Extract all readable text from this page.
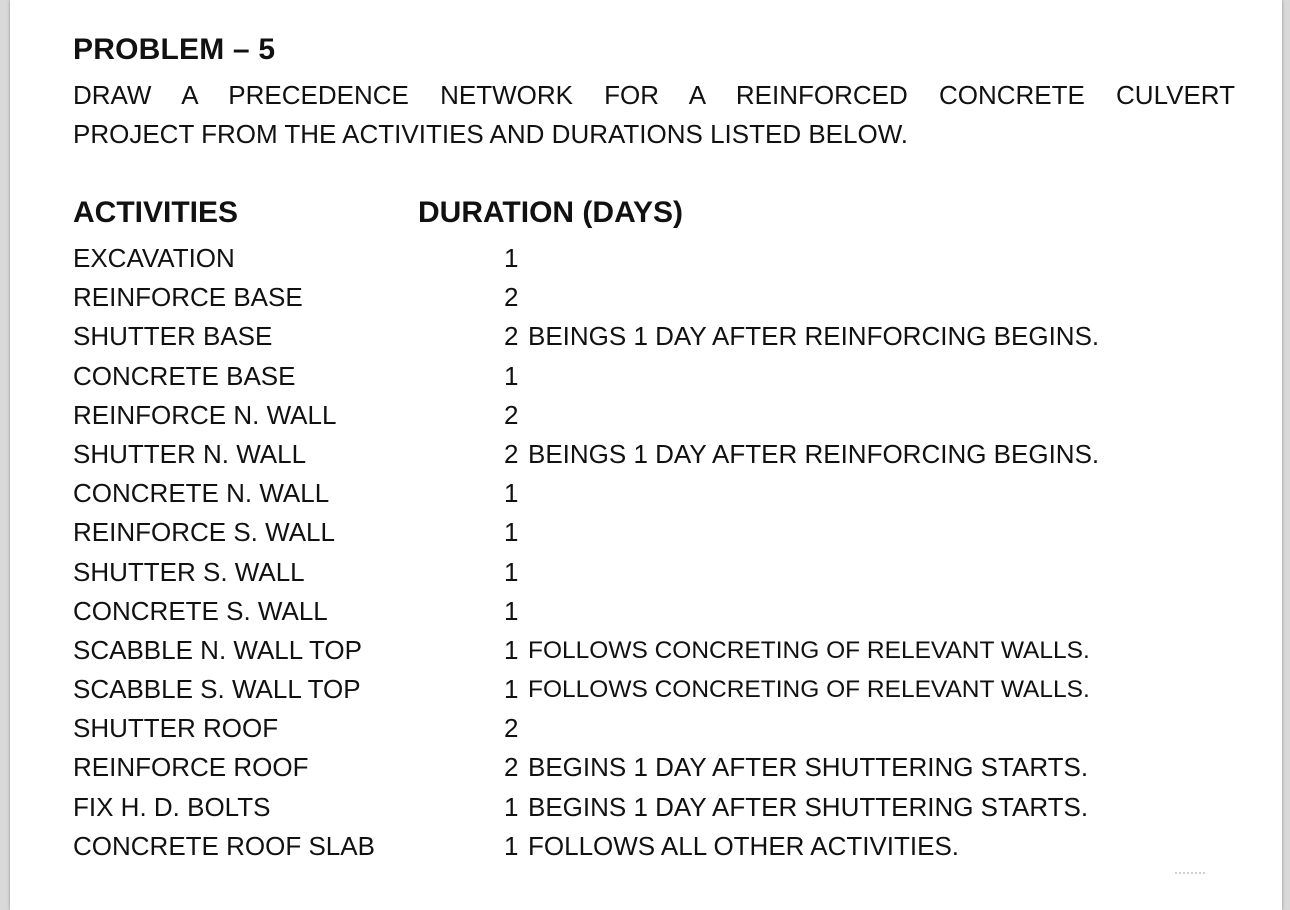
PROBLEM – 5
DRAW A PRECEDENCE NETWORK FOR A REINFORCED CONCRETE CULVERT
PROJECT FROM THE ACTIVITIES AND DURATIONS LISTED BELOW.
ACTIVITIES	DURATION (DAYS)
EXCAVATION	1
REINFORCE BASE	2
SHUTTER BASE	2 BEINGS 1 DAY AFTER REINFORCING BEGINS.
CONCRETE BASE	1
REINFORCE N. WALL	2
SHUTTER N. WALL	2 BEINGS 1 DAY AFTER REINFORCING BEGINS.
CONCRETE N. WALL	1
REINFORCE S. WALL	1
SHUTTER S. WALL	1
CONCRETE S. WALL	1
SCABBLE N. WALL TOP	1 FOLLOWS CONCRETING OF RELEVANT WALLS.
SCABBLE S. WALL TOP	1 FOLLOWS CONCRETING OF RELEVANT WALLS.
SHUTTER ROOF	2
REINFORCE ROOF	2 BEGINS 1 DAY AFTER SHUTTERING STARTS.
FIX H. D. BOLTS	1 BEGINS 1 DAY AFTER SHUTTERING STARTS.
CONCRETE ROOF SLAB	1 FOLLOWS ALL OTHER ACTIVITIES.
